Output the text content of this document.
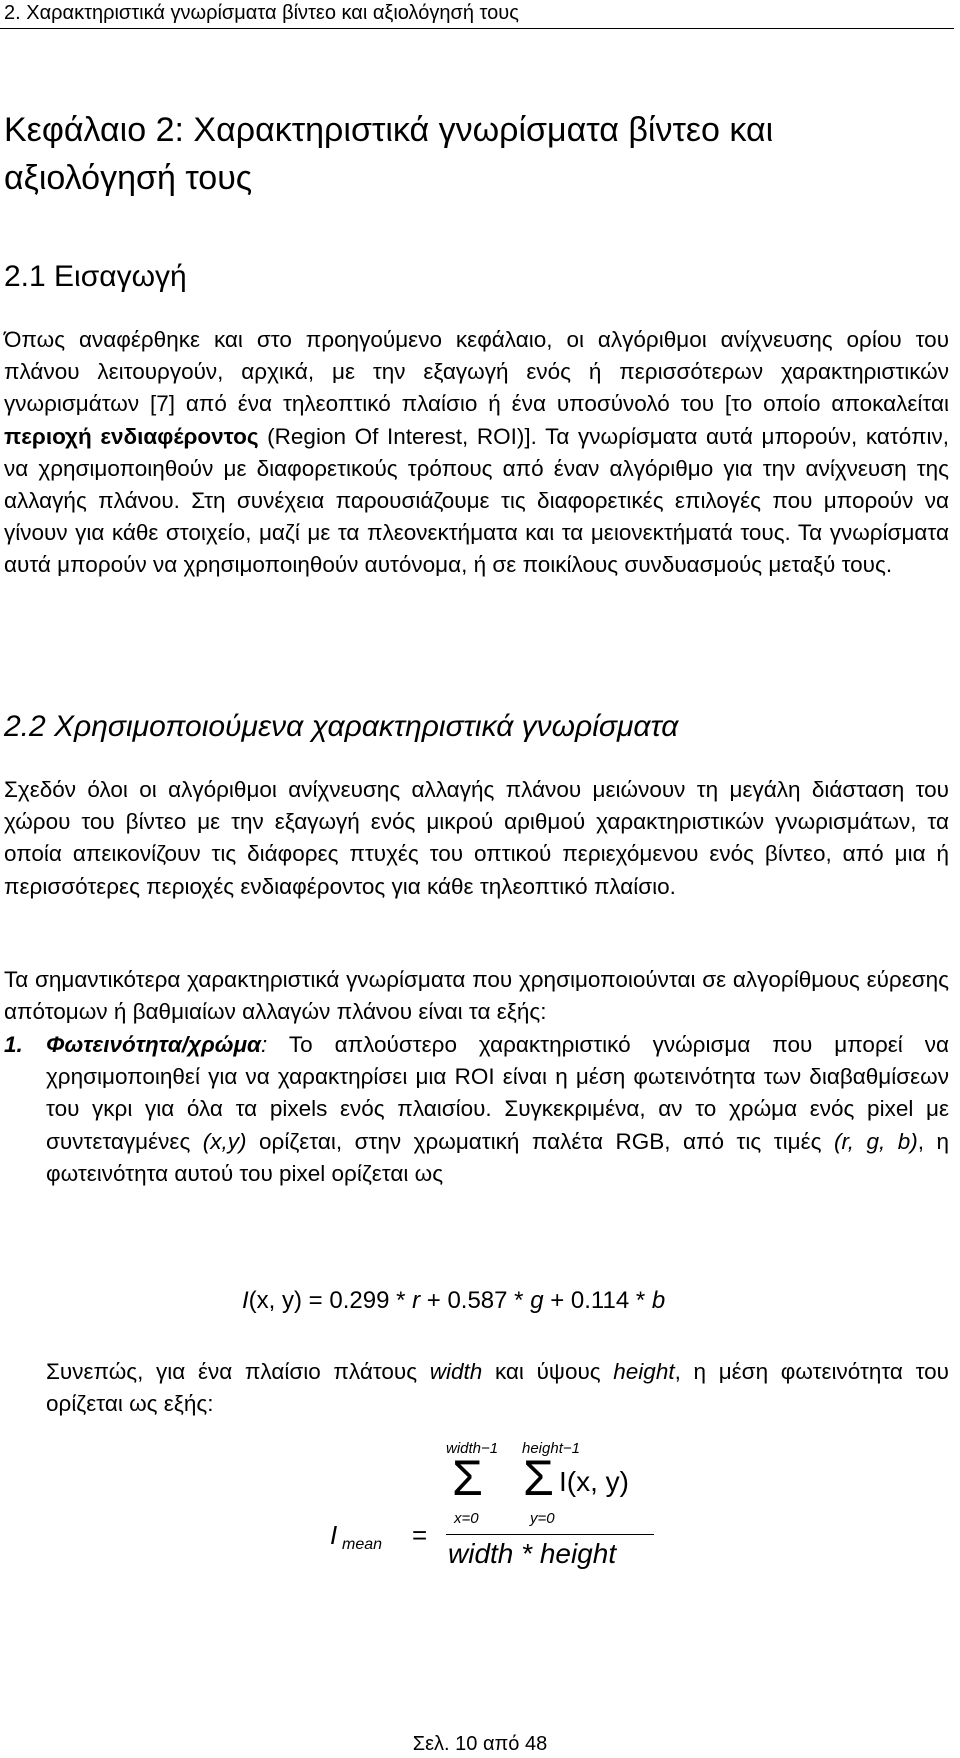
2. Χαρακτηριστικά γνωρίσματα βίντεο και αξιολόγησή τους
Κεφάλαιο 2: Χαρακτηριστικά γνωρίσματα βίντεο και αξιολόγησή τους
2.1 Εισαγωγή

Όπως αναφέρθηκε και στο προηγούμενο κεφάλαιο, οι αλγόριθμοι ανίχνευσης ορίου του πλάνου λειτουργούν, αρχικά, με την εξαγωγή ενός ή περισσότερων χαρακτηριστικών γνωρισμάτων [7] από ένα τηλεοπτικό πλαίσιο ή ένα υποσύνολό του [το οποίο αποκαλείται περιοχή ενδιαφέροντος (Region Of Interest, ROI)]. Τα γνωρίσματα αυτά μπορούν, κατόπιν, να χρησιμοποιηθούν με διαφορετικούς τρόπους από έναν αλγόριθμο για την ανίχνευση της αλλαγής πλάνου. Στη συνέχεια παρουσιάζουμε τις διαφορετικές επιλογές που μπορούν να γίνουν για κάθε στοιχείο, μαζί με τα πλεονεκτήματα και τα μειονεκτήματά τους. Τα γνωρίσματα αυτά μπορούν να χρησιμοποιηθούν αυτόνομα, ή σε ποικίλους συνδυασμούς μεταξύ τους.

2.2 Χρησιμοποιούμενα χαρακτηριστικά γνωρίσματα

Σχεδόν όλοι οι αλγόριθμοι ανίχνευσης αλλαγής πλάνου μειώνουν τη μεγάλη διάσταση του χώρου του βίντεο με την εξαγωγή ενός μικρού αριθμού χαρακτηριστικών γνωρισμάτων, τα οποία απεικονίζουν τις διάφορες πτυχές του οπτικού περιεχόμενου ενός βίντεο, από μια ή περισσότερες περιοχές ενδιαφέροντος για κάθε τηλεοπτικό πλαίσιο.

Τα σημαντικότερα χαρακτηριστικά γνωρίσματα που χρησιμοποιούνται σε αλγορίθμους εύρεσης απότομων ή βαθμιαίων αλλαγών πλάνου είναι τα εξής:

1. Φωτεινότητα/χρώμα: Το απλούστερο χαρακτηριστικό γνώρισμα που μπορεί να χρησιμοποιηθεί για να χαρακτηρίσει μια ROI είναι η μέση φωτεινότητα των διαβαθμίσεων του γκρι για όλα τα pixels ενός πλαισίου. Συγκεκριμένα, αν το χρώμα ενός pixel με συντεταγμένες (x,y) ορίζεται, στην χρωματική παλέτα RGB, από τις τιμές (r, g, b), η φωτεινότητα αυτού του pixel ορίζεται ως

I(x, y) = 0.299 * r + 0.587 * g + 0.114 * b

Συνεπώς, για ένα πλαίσιο πλάτους width και ύψους height, η μέση φωτεινότητα του ορίζεται ως εξής:

I mean =
width−1 height−1
Σ Σ I(x, y)
x=0	y=0
width * height
Σελ. 10 από 48
